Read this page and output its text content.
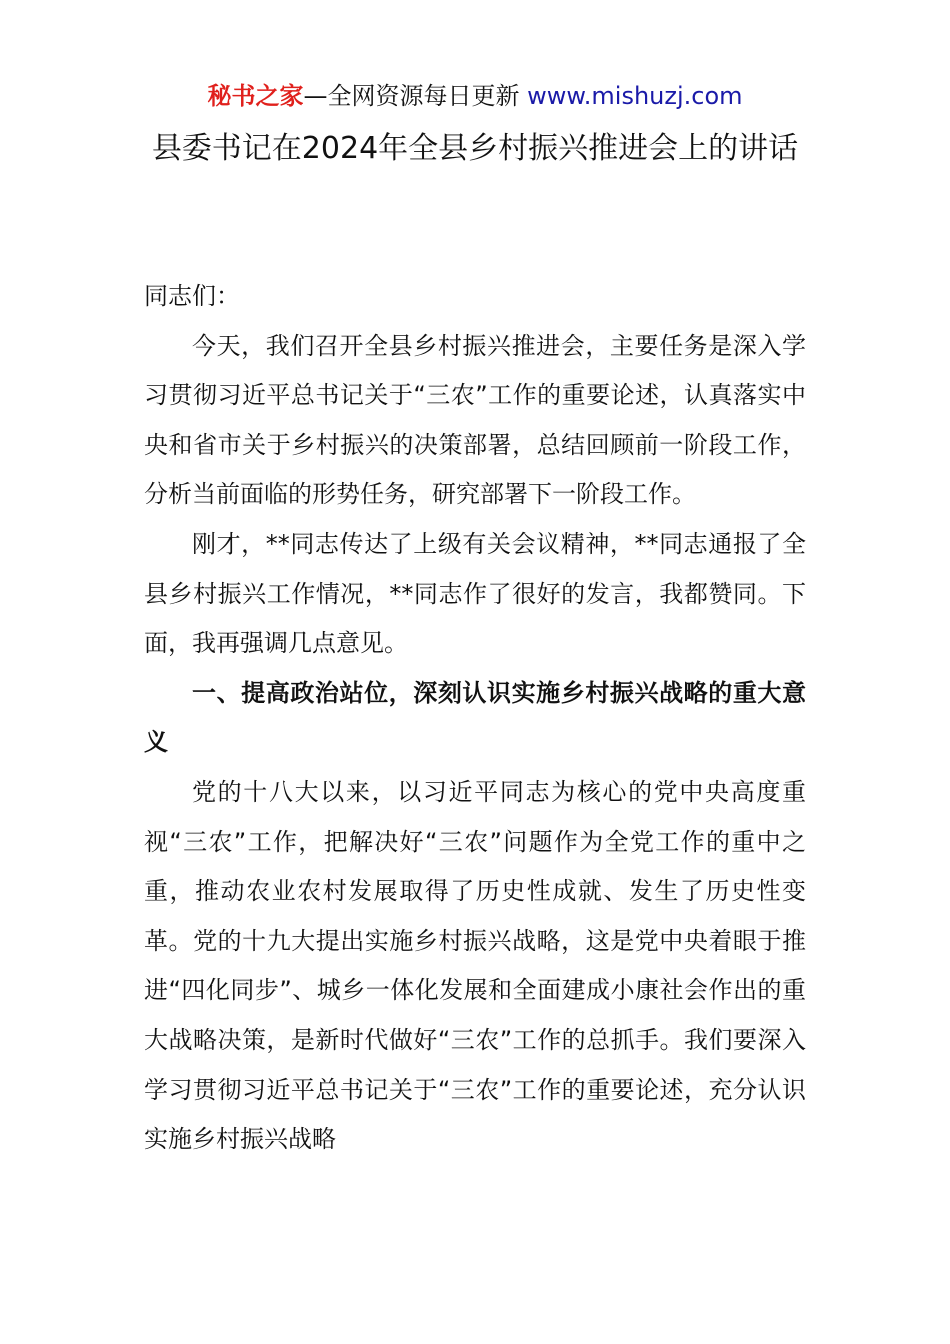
秘书之家—全网资源每日更新 www.mishuzj.com
县委书记在2024年全县乡村振兴推进会上的讲话

同志们：

今天，我们召开全县乡村振兴推进会，主要任务是深入学习贯彻习近平总书记关于“三农”工作的重要论述，认真落实中央和省市关于乡村振兴的决策部署，总结回顾前一阶段工作，分析当前面临的形势任务，研究部署下一阶段工作。

刚才，**同志传达了上级有关会议精神，**同志通报了全县乡村振兴工作情况，**同志作了很好的发言，我都赞同。下面，我再强调几点意见。

一、提高政治站位，深刻认识实施乡村振兴战略的重大意义

党的十八大以来，以习近平同志为核心的党中央高度重视“三农”工作，把解决好“三农”问题作为全党工作的重中之重，推动农业农村发展取得了历史性成就、发生了历史性变革。党的十九大提出实施乡村振兴战略，这是党中央着眼于推进“四化同步”、城乡一体化发展和全面建成小康社会作出的重大战略决策，是新时代做好“三农”工作的总抓手。我们要深入学习贯彻习近平总书记关于“三农”工作的重要论述，充分认识实施乡村振兴战略
